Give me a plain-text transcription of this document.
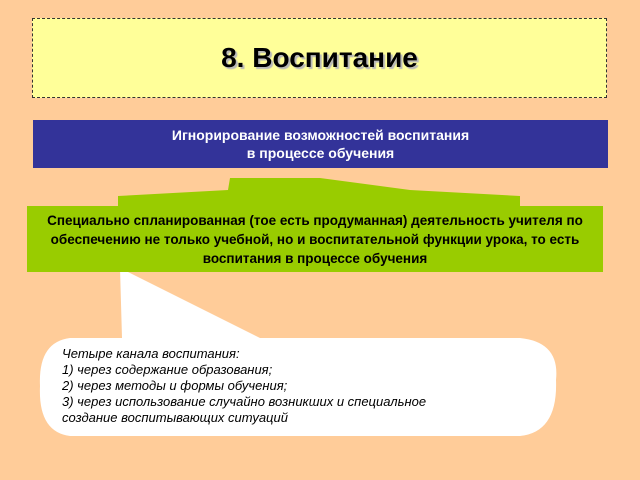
8. Воспитание
Игнорирование возможностей воспитания
в процессе обучения
Специально спланированная (тое есть продуманная) деятельность учителя по обеспечению не только учебной, но и воспитательной функции урока, то есть воспитания в процессе обучения
Четыре канала воспитания:
1) через содержание образования;
2) через методы и формы обучения;
3) через использование случайно возникших и специальное
создание воспитывающих ситуаций
